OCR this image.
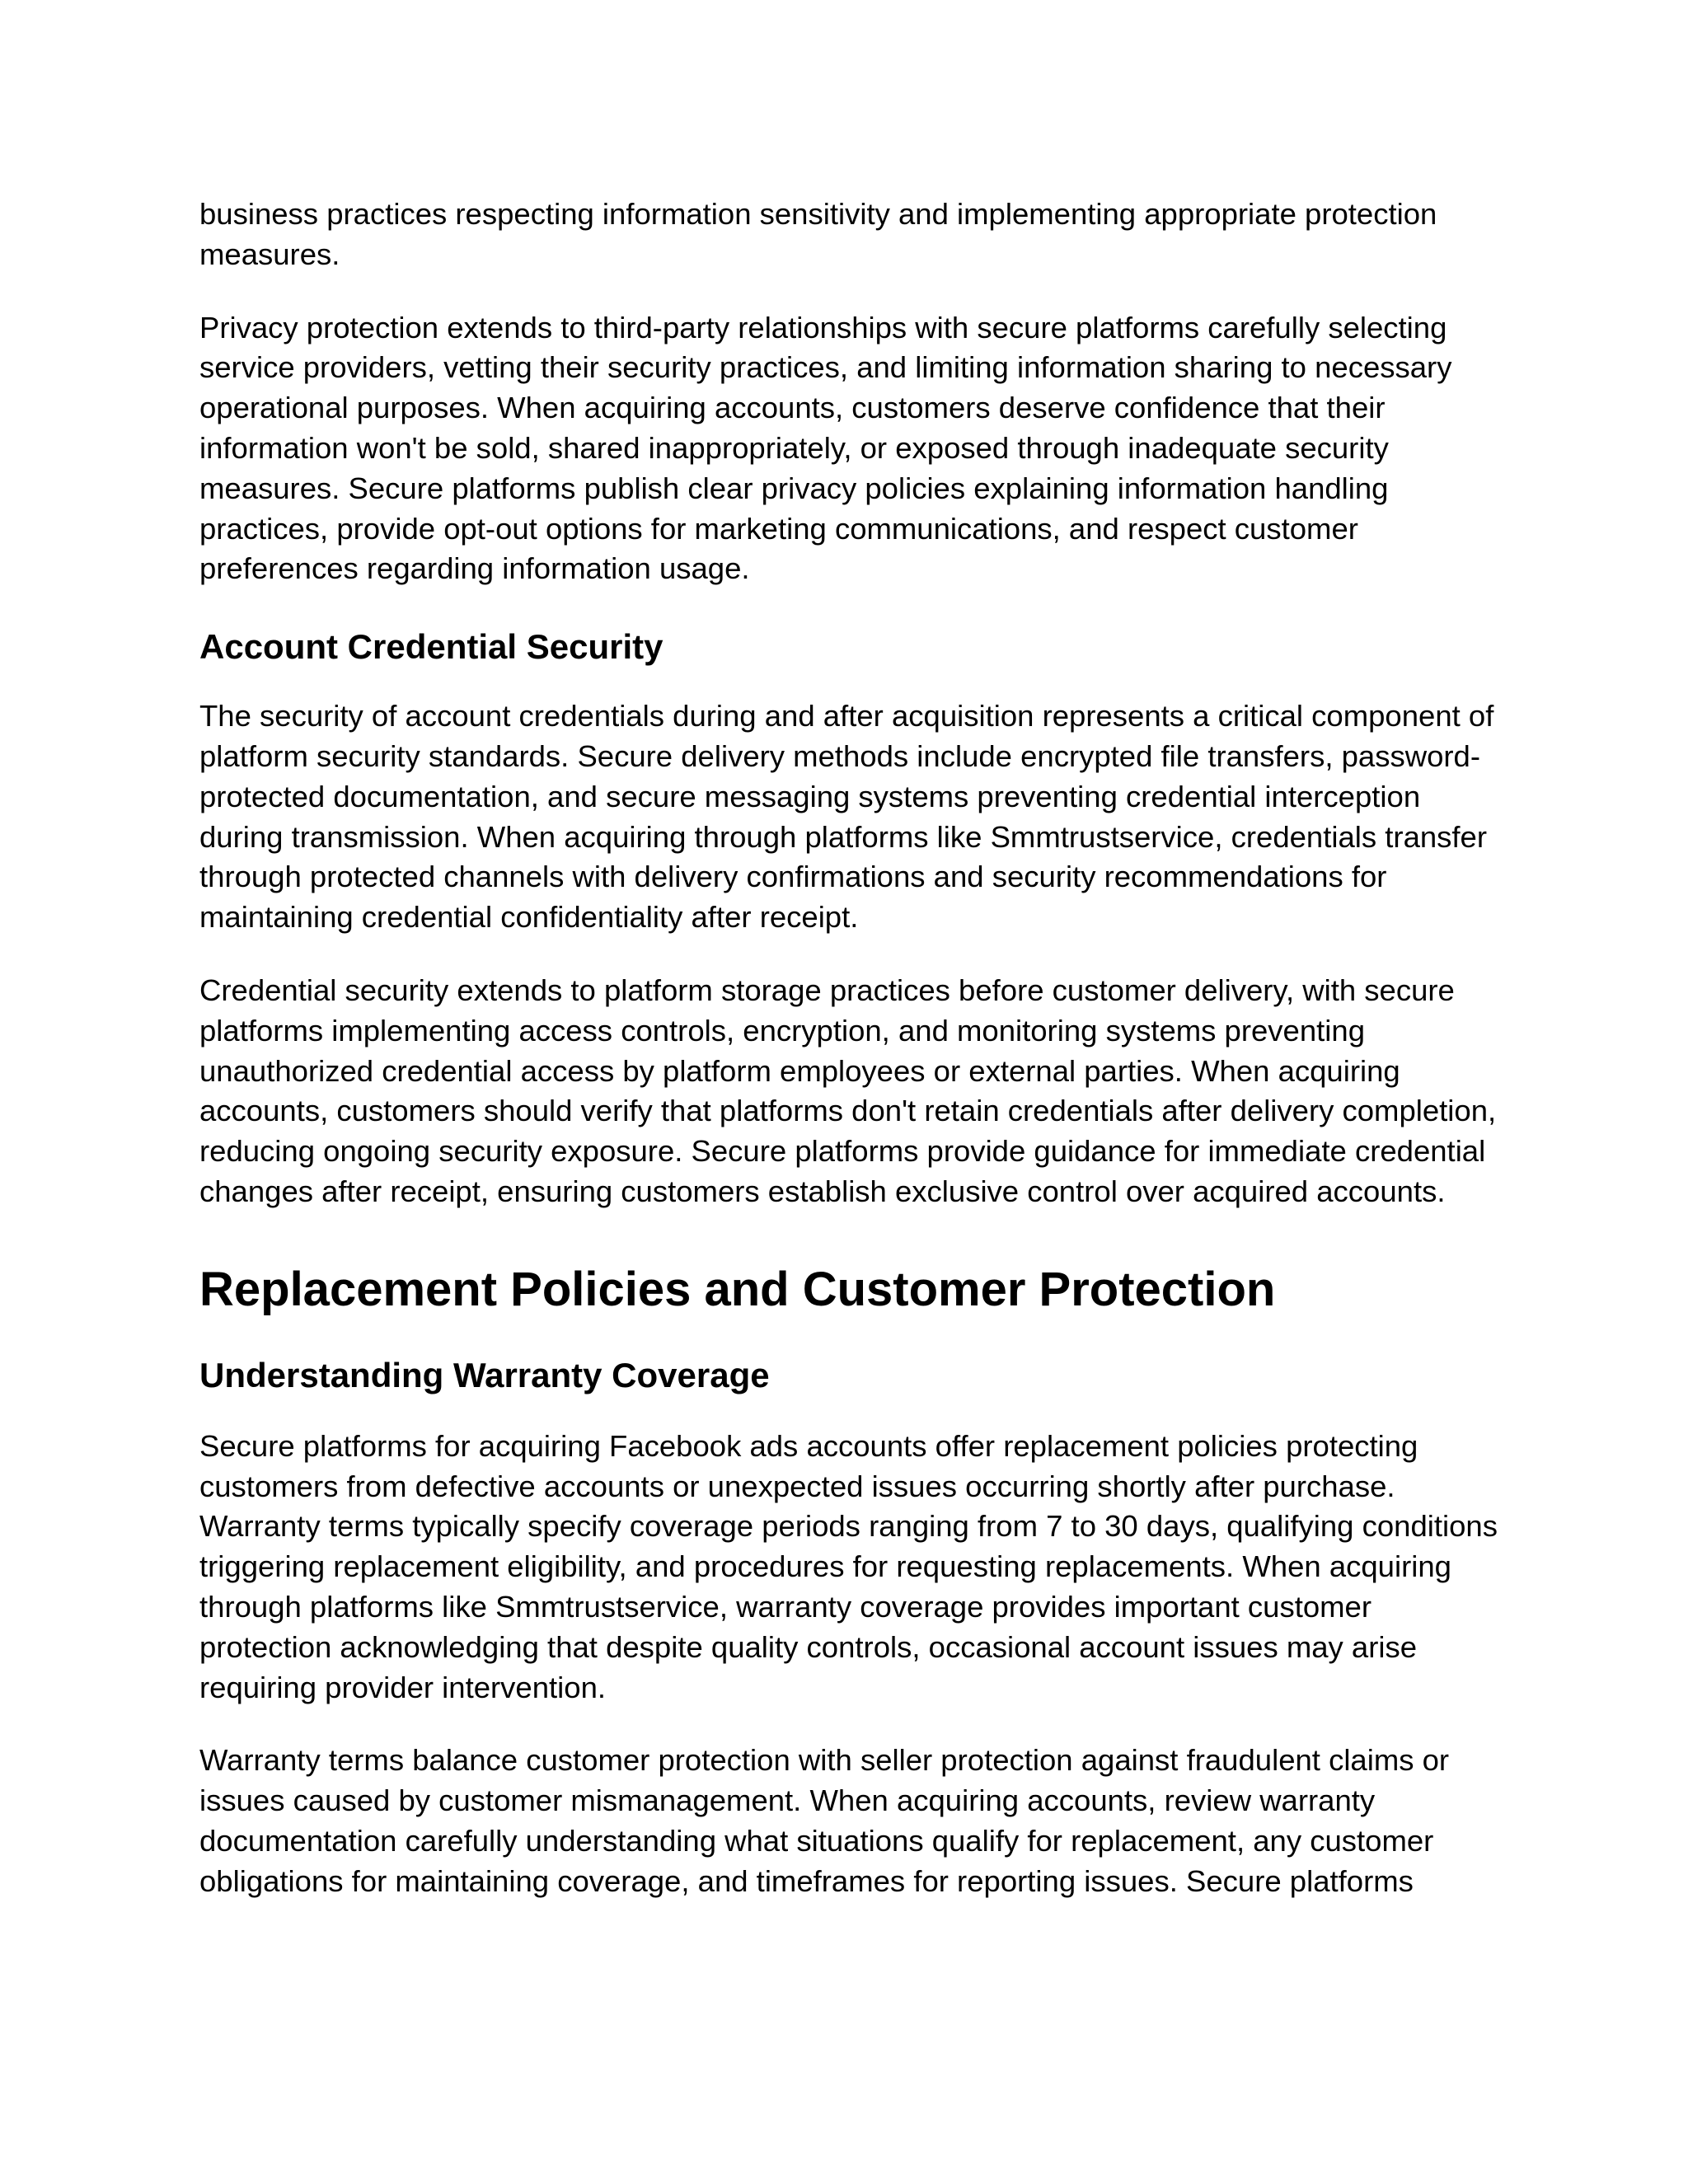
business practices respecting information sensitivity and implementing appropriate protection measures.

Privacy protection extends to third-party relationships with secure platforms carefully selecting service providers, vetting their security practices, and limiting information sharing to necessary operational purposes. When acquiring accounts, customers deserve confidence that their information won't be sold, shared inappropriately, or exposed through inadequate security measures. Secure platforms publish clear privacy policies explaining information handling practices, provide opt-out options for marketing communications, and respect customer preferences regarding information usage.

Account Credential Security

The security of account credentials during and after acquisition represents a critical component of platform security standards. Secure delivery methods include encrypted file transfers, password-protected documentation, and secure messaging systems preventing credential interception during transmission. When acquiring through platforms like Smmtrustservice, credentials transfer through protected channels with delivery confirmations and security recommendations for maintaining credential confidentiality after receipt.

Credential security extends to platform storage practices before customer delivery, with secure platforms implementing access controls, encryption, and monitoring systems preventing unauthorized credential access by platform employees or external parties. When acquiring accounts, customers should verify that platforms don't retain credentials after delivery completion, reducing ongoing security exposure. Secure platforms provide guidance for immediate credential changes after receipt, ensuring customers establish exclusive control over acquired accounts.

Replacement Policies and Customer Protection
Understanding Warranty Coverage

Secure platforms for acquiring Facebook ads accounts offer replacement policies protecting customers from defective accounts or unexpected issues occurring shortly after purchase. Warranty terms typically specify coverage periods ranging from 7 to 30 days, qualifying conditions triggering replacement eligibility, and procedures for requesting replacements. When acquiring through platforms like Smmtrustservice, warranty coverage provides important customer protection acknowledging that despite quality controls, occasional account issues may arise requiring provider intervention.

Warranty terms balance customer protection with seller protection against fraudulent claims or issues caused by customer mismanagement. When acquiring accounts, review warranty documentation carefully understanding what situations qualify for replacement, any customer obligations for maintaining coverage, and timeframes for reporting issues. Secure platforms
